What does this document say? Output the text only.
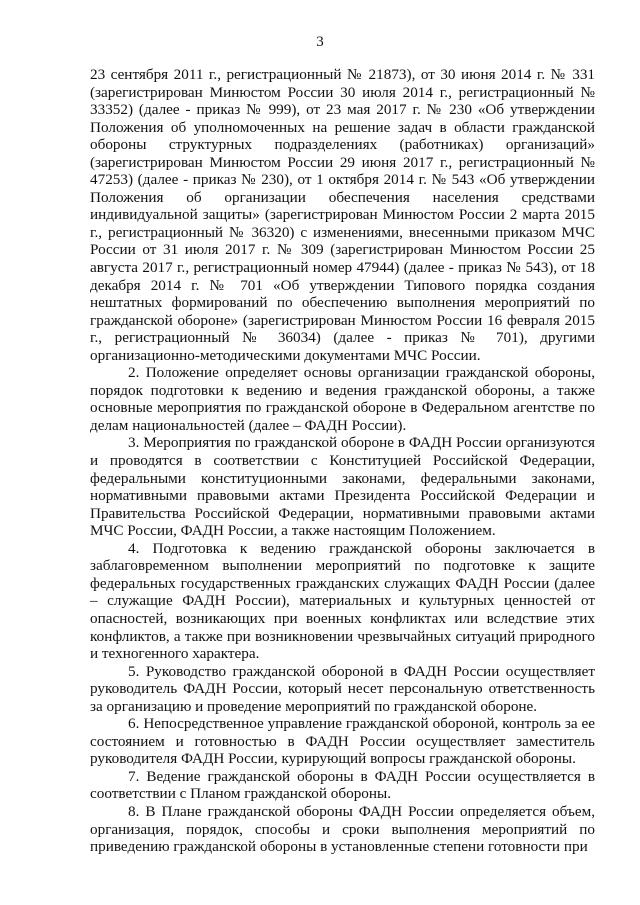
3

23 сентября 2011 г., регистрационный № 21873), от 30 июня 2014 г. № 331 (зарегистрирован Минюстом России 30 июля 2014 г., регистрационный № 33352) (далее - приказ № 999), от 23 мая 2017 г. № 230 «Об утверждении Положения об уполномоченных на решение задач в области гражданской обороны структурных подразделениях (работниках) организаций» (зарегистрирован Минюстом России 29 июня 2017 г., регистрационный № 47253) (далее - приказ № 230), от 1 октября 2014 г. № 543 «Об утверждении Положения об организации обеспечения населения средствами индивидуальной защиты» (зарегистрирован Минюстом России 2 марта 2015 г., регистрационный № 36320) с изменениями, внесенными приказом МЧС России от 31 июля 2017 г. № 309 (зарегистрирован Минюстом России 25 августа 2017 г., регистрационный номер 47944) (далее - приказ № 543), от 18 декабря 2014 г. № 701 «Об утверждении Типового порядка создания нештатных формирований по обеспечению выполнения мероприятий по гражданской обороне» (зарегистрирован Минюстом России 16 февраля 2015 г., регистрационный № 36034) (далее - приказ № 701), другими организационно-методическими документами МЧС России.

2. Положение определяет основы организации гражданской обороны, порядок подготовки к ведению и ведения гражданской обороны, а также основные мероприятия по гражданской обороне в Федеральном агентстве по делам национальностей (далее – ФАДН России).

3. Мероприятия по гражданской обороне в ФАДН России организуются и проводятся в соответствии с Конституцией Российской Федерации, федеральными конституционными законами, федеральными законами, нормативными правовыми актами Президента Российской Федерации и Правительства Российской Федерации, нормативными правовыми актами МЧС России, ФАДН России, а также настоящим Положением.

4. Подготовка к ведению гражданской обороны заключается в заблаговременном выполнении мероприятий по подготовке к защите федеральных государственных гражданских служащих ФАДН России (далее – служащие ФАДН России), материальных и культурных ценностей от опасностей, возникающих при военных конфликтах или вследствие этих конфликтов, а также при возникновении чрезвычайных ситуаций природного и техногенного характера.

5. Руководство гражданской обороной в ФАДН России осуществляет руководитель ФАДН России, который несет персональную ответственность за организацию и проведение мероприятий по гражданской обороне.

6. Непосредственное управление гражданской обороной, контроль за ее состоянием и готовностью в ФАДН России осуществляет заместитель руководителя ФАДН России, курирующий вопросы гражданской обороны.

7. Ведение гражданской обороны в ФАДН России осуществляется в соответствии с Планом гражданской обороны.

8. В Плане гражданской обороны ФАДН России определяется объем, организация, порядок, способы и сроки выполнения мероприятий по приведению гражданской обороны в установленные степени готовности при
